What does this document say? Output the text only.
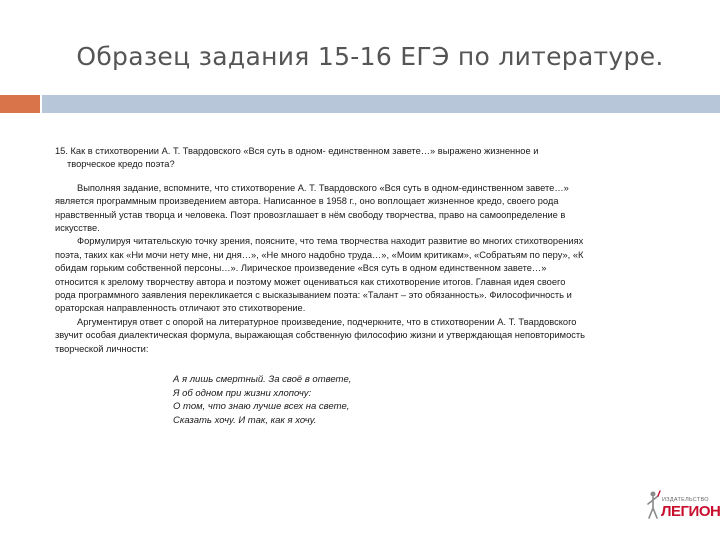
Образец задания 15-16 ЕГЭ по литературе.
15. Как в стихотворении А. Т. Твардовского «Вся суть в одном- единственном завете…» выражено жизненное и
творческое кредо поэта?

Выполняя задание, вспомните, что стихотворение А. Т. Твардовского «Вся суть в одном-единственном завете…»
является программным произведением автора. Написанное в 1958 г., оно воплощает жизненное кредо, своего рода
нравственный устав творца и человека. Поэт провозглашает в нём свободу творчества, право на самоопределение в
искусстве.

Формулируя читательскую точку зрения, поясните, что тема творчества находит развитие во многих стихотворениях
поэта, таких как «Ни мочи нету мне, ни дня…», «Не много надобно труда…», «Моим критикам», «Собратьям по перу», «К
обидам горьким собственной персоны…». Лирическое произведение «Вся суть в одном единственном завете…»
относится к зрелому творчеству автора и поэтому может оцениваться как стихотворение итогов. Главная идея своего
рода программного заявления перекликается с высказыванием поэта: «Талант – это обязанность». Философичность и
ораторская направленность отличают это стихотворение.

Аргументируя ответ с опорой на литературное произведение, подчеркните, что в стихотворении А. Т. Твардовского
звучит особая диалектическая формула, выражающая собственную философию жизни и утверждающая неповторимость
творческой личности:

А я лишь смертный. За своё в ответе,
Я об одном при жизни хлопочу:
О том, что знаю лучше всех на свете,
Сказать хочу. И так, как я хочу.
ИЗДАТЕЛЬСТВО
ЛЕГИОН
